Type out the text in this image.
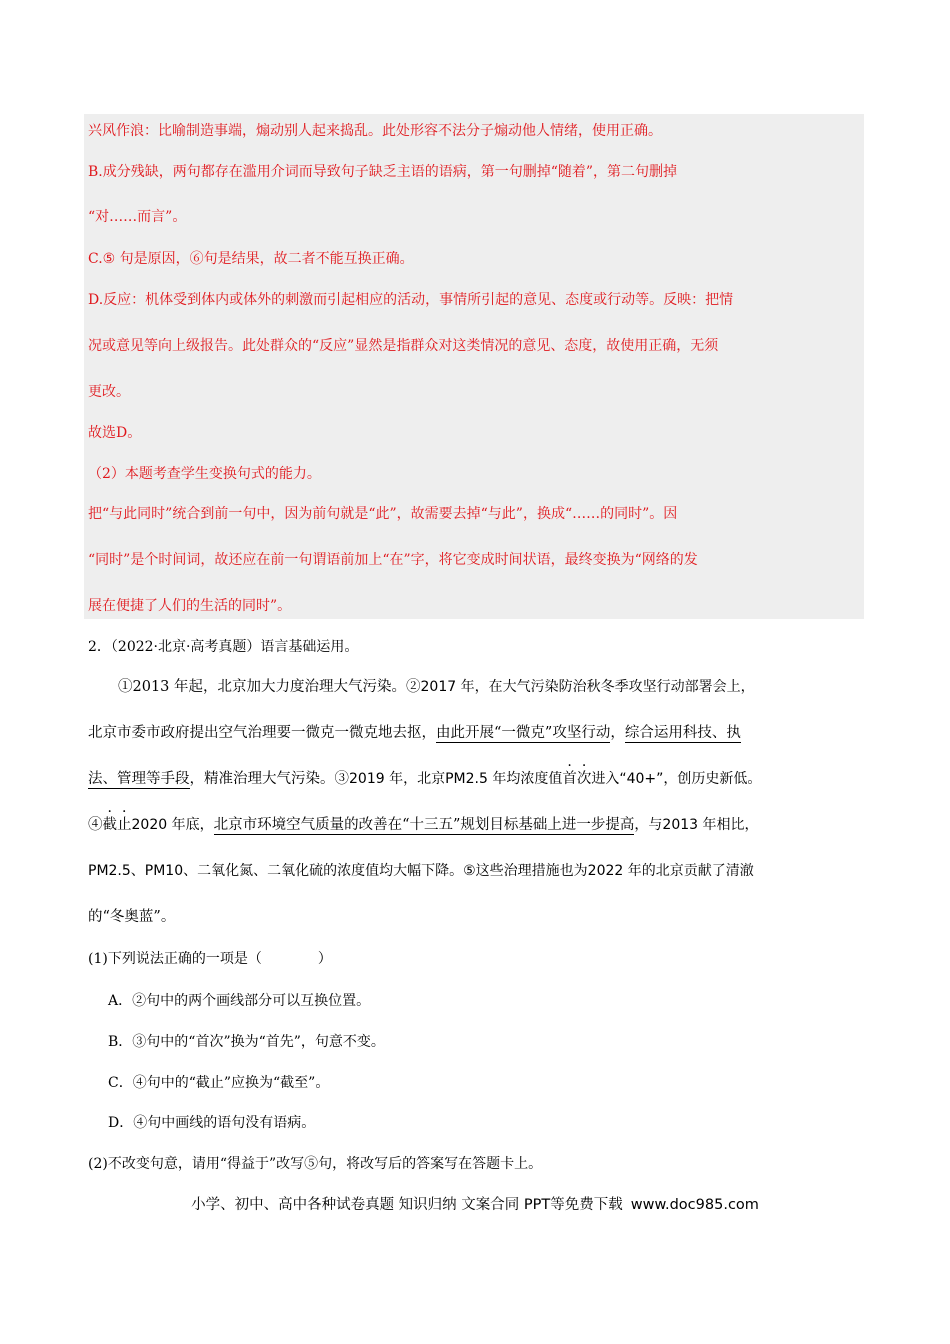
兴风作浪：比喻制造事端，煽动别人起来捣乱。此处形容不法分子煽动他人情绪，使用正确。
B.成分残缺，两句都存在滥用介词而导致句子缺乏主语的语病，第一句删掉“随着”，第二句删掉
“对……而言”。
C.⑤ 句是原因，⑥句是结果，故二者不能互换正确。
D.反应：机体受到体内或体外的刺激而引起相应的活动，事情所引起的意见、态度或行动等。反映：把情
况或意见等向上级报告。此处群众的“反应”显然是指群众对这类情况的意见、态度，故使用正确，无须
更改。
故选D。
（2）本题考查学生变换句式的能力。
把“与此同时”统合到前一句中，因为前句就是“此”，故需要去掉“与此”，换成“……的同时”。因
“同时”是个时间词，故还应在前一句谓语前加上“在”字，将它变成时间状语，最终变换为“网络的发
展在便捷了人们的生活的同时”。
2．（2022·北京·高考真题）语言基础运用。
①2013 年起，北京加大力度治理大气污染。②2017 年，在大气污染防治秋冬季攻坚行动部署会上，
北京市委市政府提出空气治理要一微克一微克地去抠，由此开展“一微克”攻坚行动，综合运用科技、执
法、管理等手段，精准治理大气污染。③2019 年，北京PM2.5 年均浓度值首次进入“40+”，创历史新低。
④截止2020 年底，北京市环境空气质量的改善在“十三五”规划目标基础上进一步提高，与2013 年相比，
PM2.5、PM10、二氧化氮、二氧化硫的浓度值均大幅下降。⑤这些治理措施也为2022 年的北京贡献了清澈
的“冬奥蓝”。
(1)下列说法正确的一项是（　　　　）
A．②句中的两个画线部分可以互换位置。
B．③句中的“首次”换为“首先”，句意不变。
C．④句中的“截止”应换为“截至”。
D．④句中画线的语句没有语病。
(2)不改变句意，请用“得益于”改写⑤句，将改写后的答案写在答题卡上。
小学、初中、高中各种试卷真题 知识归纳 文案合同 PPT等免费下载 www.doc985.com
